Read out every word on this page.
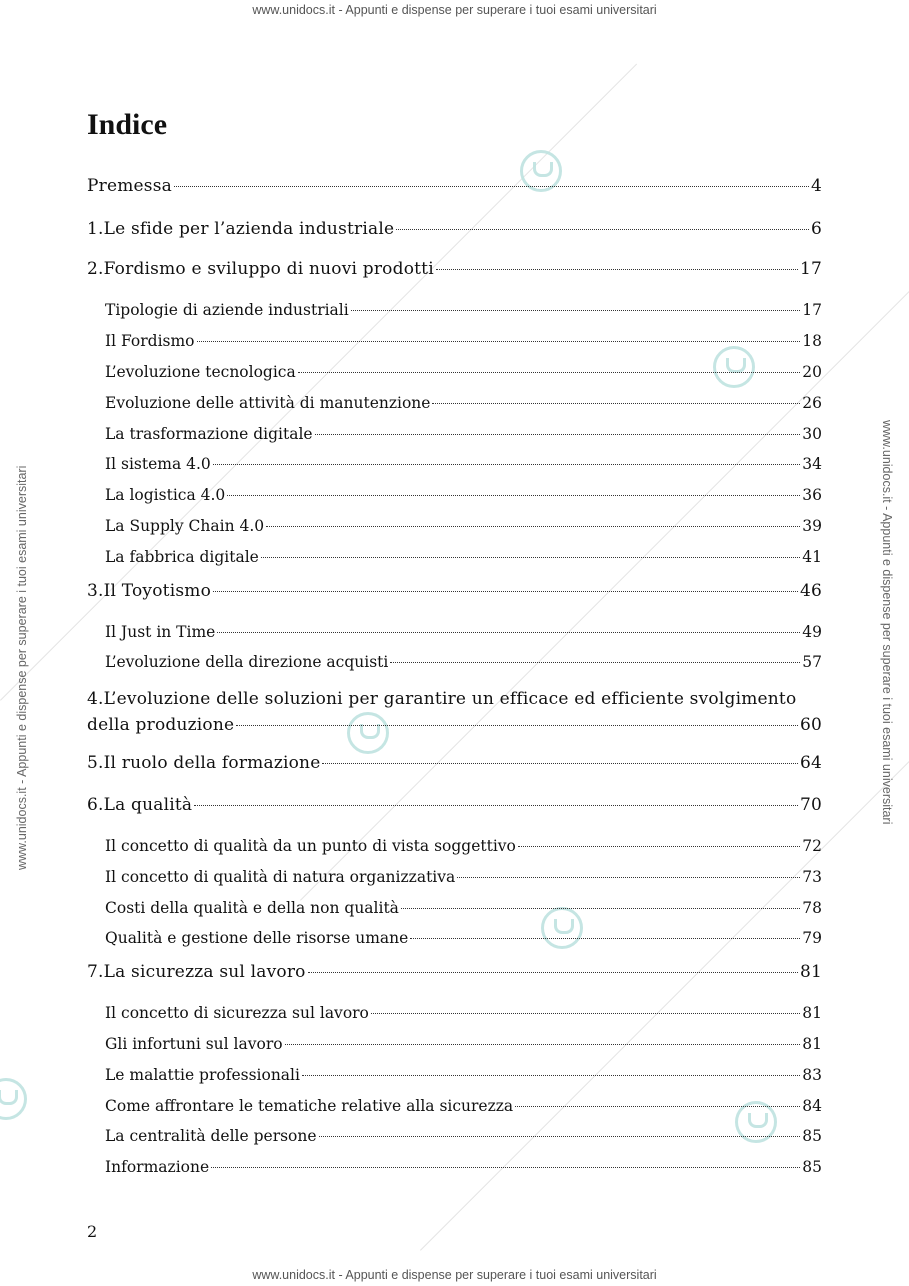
www.unidocs.it - Appunti e dispense per superare i tuoi esami universitari
www.unidocs.it - Appunti e dispense per superare i tuoi esami universitari
www.unidocs.it - Appunti e dispense per superare i tuoi esami universitari	www.unidocs.it - Appunti e dispense per superare i tuoi esami universitari
Indice
Premessa	4
1.Le sfide per l’azienda industriale	6
2.Fordismo e sviluppo di nuovi prodotti	17
Tipologie di aziende industriali	17
Il Fordismo	18
L’evoluzione tecnologica	20
Evoluzione delle attività di manutenzione	26
La trasformazione digitale	30
Il sistema 4.0	34
La logistica 4.0	36
La Supply Chain 4.0	39
La fabbrica digitale	41
3.Il Toyotismo	46
Il Just in Time	49
L’evoluzione della direzione acquisti	57
4.L’evoluzione delle soluzioni per garantire un efficace ed efficiente svolgimento
della produzione	60
5.Il ruolo della formazione	64
6.La qualità	70
Il concetto di qualità da un punto di vista soggettivo	72
Il concetto di qualità di natura organizzativa	73
Costi della qualità e della non qualità	78
Qualità e gestione delle risorse umane	79
7.La sicurezza sul lavoro	81
Il concetto di sicurezza sul lavoro	81
Gli infortuni sul lavoro	81
Le malattie professionali	83
Come affrontare le tematiche relative alla sicurezza	84
La centralità delle persone	85
Informazione	85
2
